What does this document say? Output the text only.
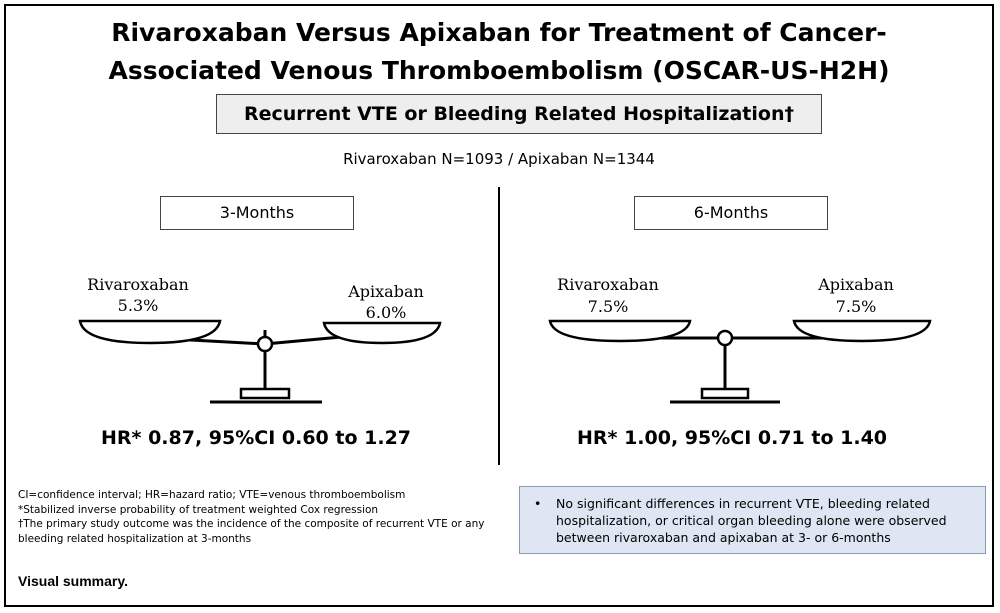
Rivaroxaban Versus Apixaban for Treatment of Cancer-
Associated Venous Thromboembolism (OSCAR-US-H2H)
Recurrent VTE or Bleeding Related Hospitalization†
Rivaroxaban N=1093 / Apixaban N=1344
3-Months
Rivaroxaban
5.3%
Apixaban
6.0%
HR* 0.87, 95%CI 0.60 to 1.27
6-Months
Rivaroxaban
7.5%
Apixaban
7.5%
HR* 1.00, 95%CI 0.71 to 1.40
CI=confidence interval; HR=hazard ratio; VTE=venous thromboembolism
*Stabilized inverse probability of treatment weighted Cox regression
†The primary study outcome was the incidence of the composite of recurrent VTE or any bleeding related hospitalization at 3-months
•	No significant differences in recurrent VTE, bleeding related hospitalization, or critical organ bleeding alone were observed between rivaroxaban and apixaban at 3- or 6-months
Visual summary.
